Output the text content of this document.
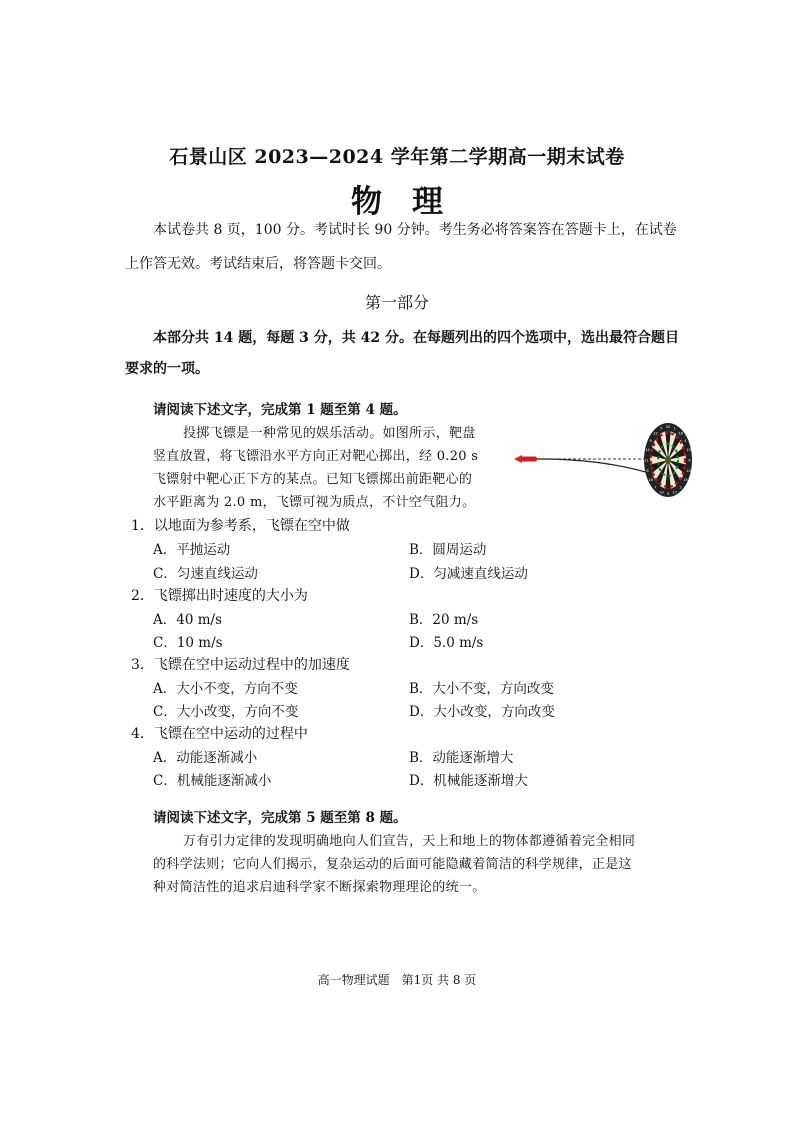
石景山区 2023—2024 学年第二学期高一期末试卷
物理
本试卷共 8 页，100 分。考试时长 90 分钟。考生务必将答案答在答题卡上，在试卷
上作答无效。考试结束后，将答题卡交回。
第一部分
本部分共 14 题，每题 3 分，共 42 分。在每题列出的四个选项中，选出最符合题目
要求的一项。
请阅读下述文字，完成第 1 题至第 4 题。
投掷飞镖是一种常见的娱乐活动。如图所示，靶盘
竖直放置，将飞镖沿水平方向正对靶心掷出，经 0.20 s
飞镖射中靶心正下方的某点。已知飞镖掷出前距靶心的
水平距离为 2.0 m，飞镖可视为质点，不计空气阻力。
20 1
18
4
13
6
10
15
2
17
3
19
7
16
8
11
14
9
12
5
1．以地面为参考系，飞镖在空中做
A．平抛运动	B．圆周运动
C．匀速直线运动	D．匀减速直线运动
2．飞镖掷出时速度的大小为
A．40 m/s	B．20 m/s
C．10 m/s	D．5.0 m/s
3．飞镖在空中运动过程中的加速度
A．大小不变，方向不变	B．大小不变，方向改变
C．大小改变，方向不变	D．大小改变，方向改变
4．飞镖在空中运动的过程中
A．动能逐渐减小	B．动能逐渐增大
C．机械能逐渐减小	D．机械能逐渐增大
请阅读下述文字，完成第 5 题至第 8 题。
万有引力定律的发现明确地向人们宣告，天上和地上的物体都遵循着完全相同
的科学法则；它向人们揭示，复杂运动的后面可能隐藏着简洁的科学规律，正是这
种对简洁性的追求启迪科学家不断探索物理理论的统一。
高一物理试题　第1页 共 8 页
